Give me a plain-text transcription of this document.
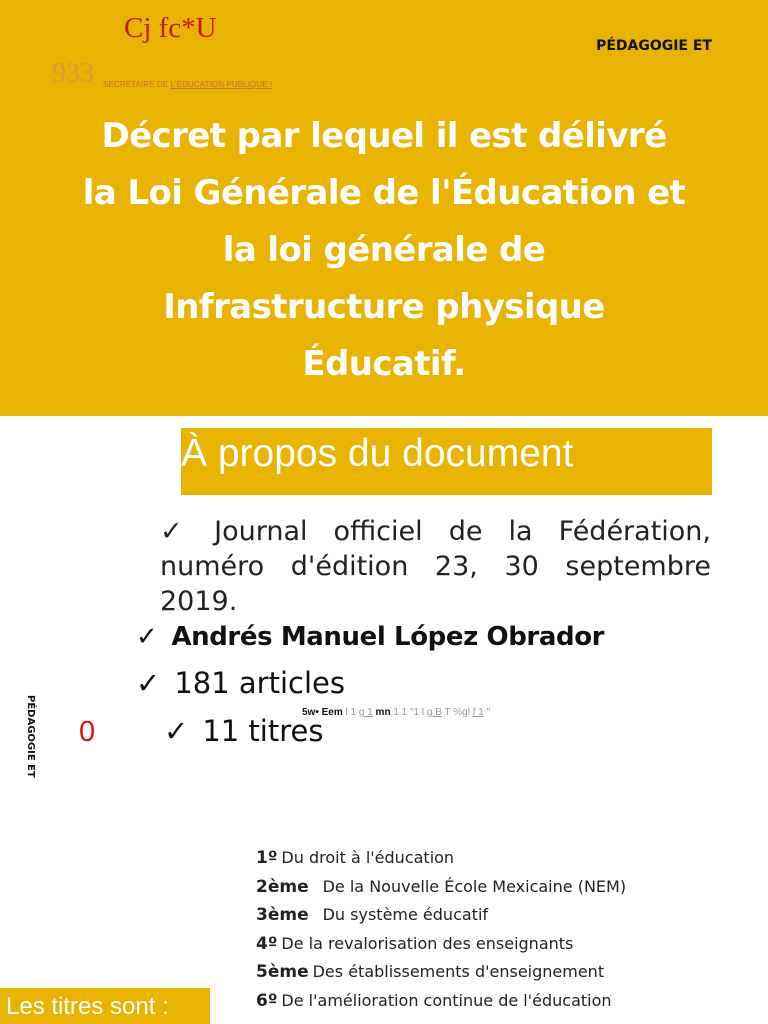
Cj fc*U
PÉDAGOGIE ET
933 SECRÉTAIRE DE L'ÉDUCATION PUBLIQUE !
Décret par lequel il est délivré
la Loi Générale de l'Éducation et
la loi générale de
Infrastructure physique
Éducatif.
À propos du document
✓ Journal officiel de la Fédération, numéro d'édition 23, 30 septembre 2019.
✓ Andrés Manuel López Obrador
✓ 181 articles
5w• Eem l 1 g 1 mn 1 1 "1 l g B T %gl f 1 "
✓ 11 titres
PÉDAGOGIE ET 0
1º Du droit à l'éducation
2ème De la Nouvelle École Mexicaine (NEM)
3ème Du système éducatif
4º De la revalorisation des enseignants
5ème Des établissements d'enseignement
6º De l'amélioration continue de l'éducation
Les titres sont :
